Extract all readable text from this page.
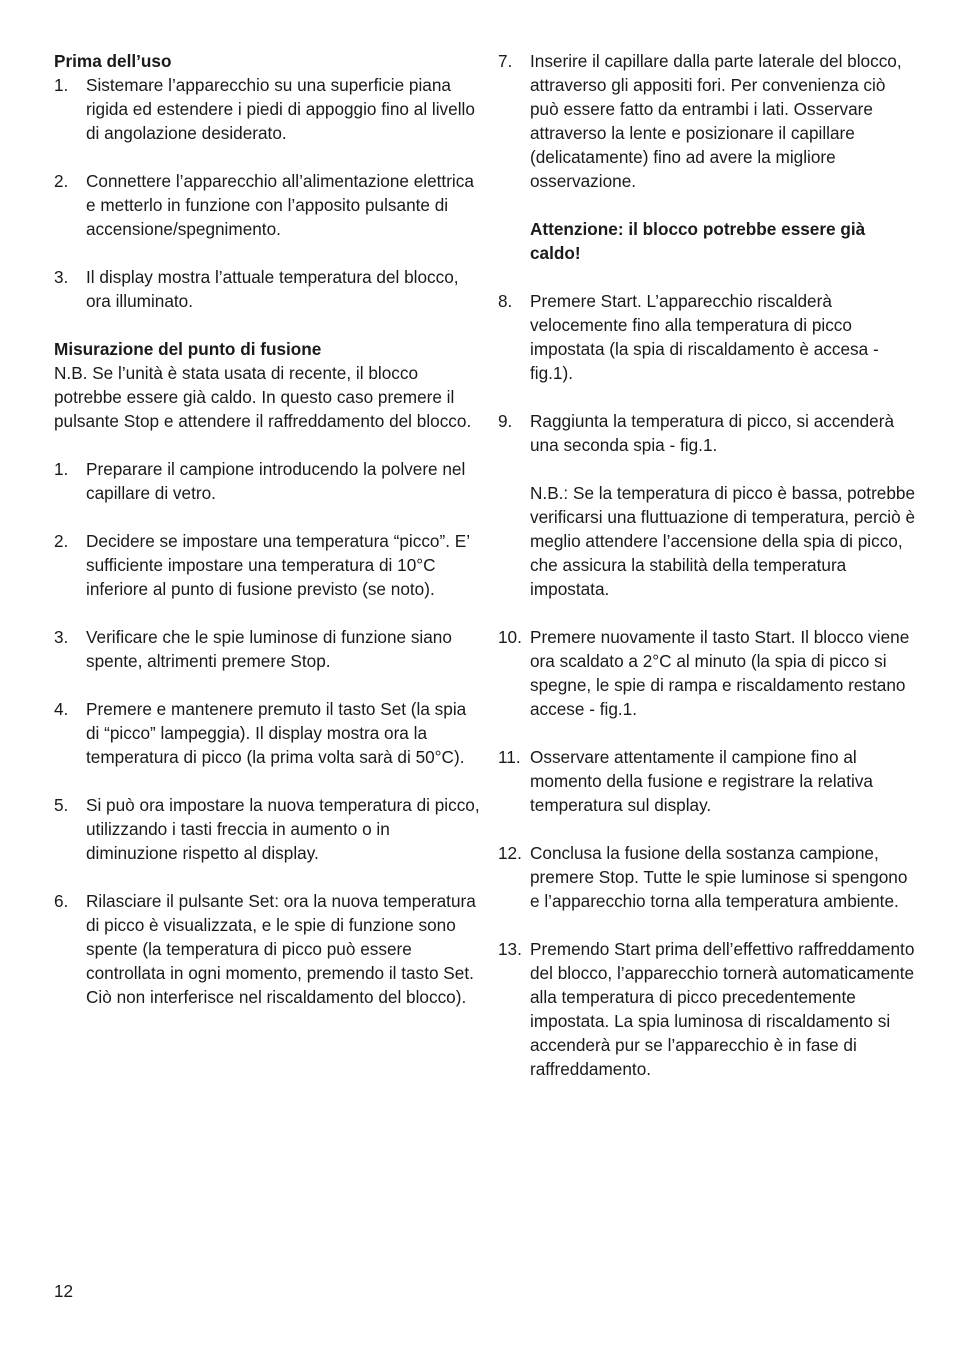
Prima dell’uso

1. Sistemare l’apparecchio su una superficie piana rigida ed estendere i piedi di appoggio fino al livello di angolazione desiderato.
2. Connettere l’apparecchio all’alimentazione elettrica e metterlo in funzione con l’apposito pulsante di accensione/spegnimento.
3. Il display mostra l’attuale temperatura del blocco, ora illuminato.

Misurazione del punto di fusione

N.B. Se l’unità è stata usata di recente, il blocco potrebbe essere già caldo. In questo caso premere il pulsante Stop e attendere il raffreddamento del blocco.

1. Preparare il campione introducendo la polvere nel capillare di vetro.
2. Decidere se impostare una temperatura “picco”. E’ sufficiente impostare una temperatura di 10°C inferiore al punto di fusione previsto (se noto).
3. Verificare che le spie luminose di funzione siano spente, altrimenti premere Stop.
4. Premere e mantenere premuto il tasto Set (la spia di “picco” lampeggia). Il display mostra ora la temperatura di picco (la prima volta sarà di 50°C).
5. Si può ora impostare la nuova temperatura di picco, utilizzando i tasti freccia in aumento o in diminuzione rispetto al display.
6. Rilasciare il pulsante Set: ora la nuova temperatura di picco è visualizzata, e le spie di funzione sono spente (la temperatura di picco può essere controllata in ogni momento, premendo il tasto Set. Ciò non interferisce nel riscaldamento del blocco).
7. Inserire il capillare dalla parte laterale del blocco, attraverso gli appositi fori. Per convenienza ciò può essere fatto da entrambi i lati. Osservare attraverso la lente e posizionare il capillare (delicatamente) fino ad avere la migliore osservazione.

Attenzione: il blocco potrebbe essere già caldo!

8. Premere Start. L’apparecchio riscalderà velocemente fino alla temperatura di picco impostata (la spia di riscaldamento è accesa - fig.1).
9. Raggiunta la temperatura di picco, si accenderà una seconda spia - fig.1.

N.B.: Se la temperatura di picco è bassa, potrebbe verificarsi una fluttuazione di temperatura, perciò è meglio attendere l’accensione della spia di picco, che assicura la stabilità della temperatura impostata.

10. Premere nuovamente il tasto Start. Il blocco viene ora scaldato a 2°C al minuto (la spia di picco si spegne, le spie di rampa e riscaldamento restano accese - fig.1.
11. Osservare attentamente il campione fino al momento della fusione e registrare la relativa temperatura sul display.
12. Conclusa la fusione della sostanza campione, premere Stop. Tutte le spie luminose si spengono e l’apparecchio torna alla temperatura ambiente.
13. Premendo Start prima dell’effettivo raffreddamento del blocco, l’apparecchio tornerà automaticamente alla temperatura di picco precedentemente impostata. La spia luminosa di riscaldamento si accenderà pur se l’apparecchio è in fase di raffreddamento.
12
